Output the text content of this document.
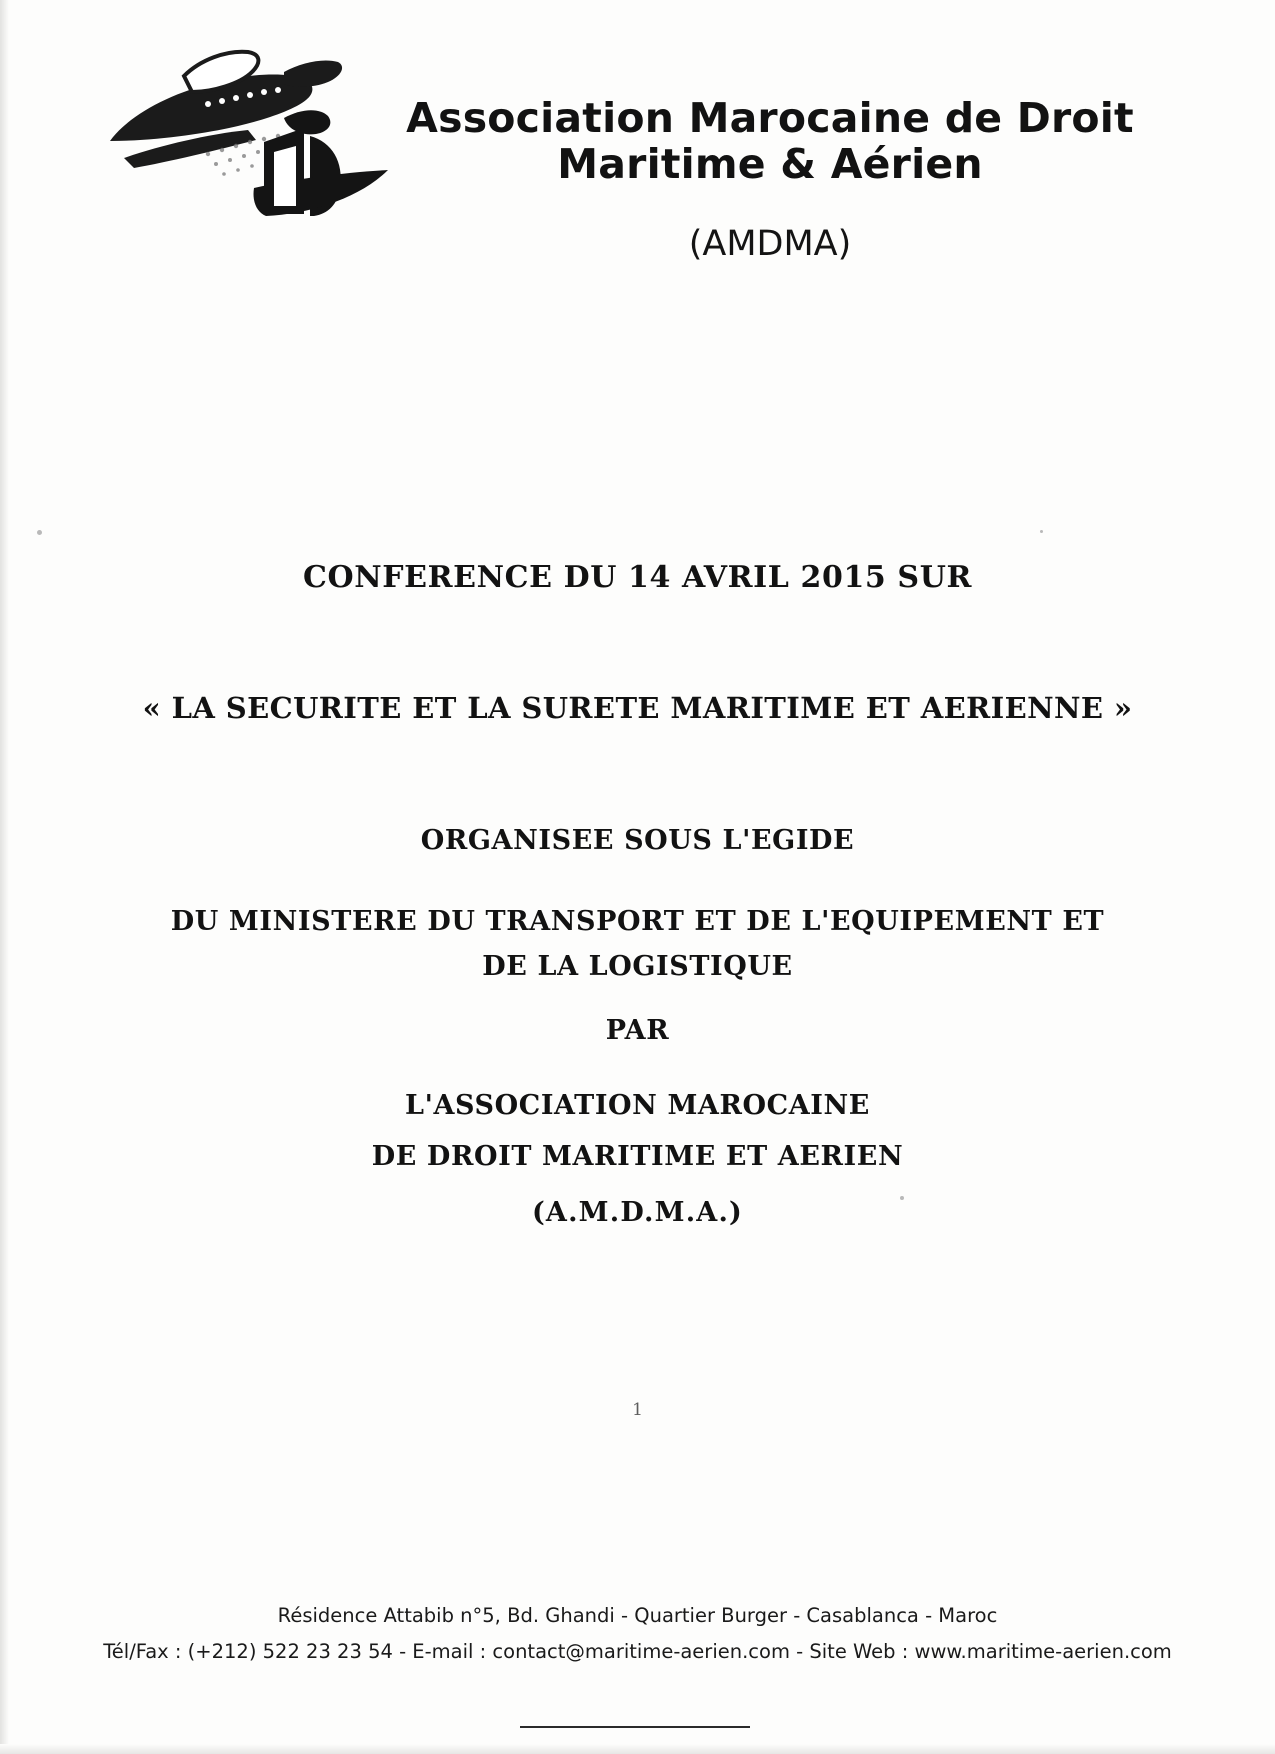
Association Marocaine de Droit
Maritime & Aérien
(AMDMA)
CONFERENCE DU 14 AVRIL 2015 SUR
« LA SECURITE ET LA SURETE MARITIME ET AERIENNE »
ORGANISEE SOUS L'EGIDE
DU MINISTERE DU TRANSPORT ET DE L'EQUIPEMENT ET
DE LA LOGISTIQUE
PAR
L'ASSOCIATION MAROCAINE
DE DROIT MARITIME ET AERIEN
(A.M.D.M.A.)
1
Résidence Attabib n°5, Bd. Ghandi - Quartier Burger - Casablanca - Maroc
Tél/Fax : (+212) 522 23 23 54 - E-mail : contact@maritime-aerien.com - Site Web : www.maritime-aerien.com
